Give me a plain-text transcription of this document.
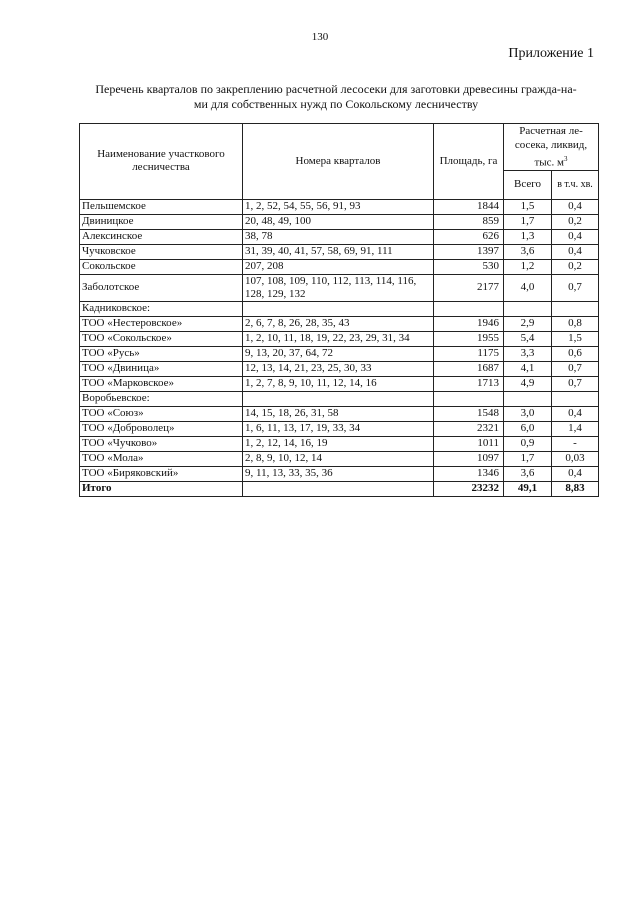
130
Приложение 1
Перечень кварталов по закреплению расчетной лесосеки для заготовки древесины гражда-на-
ми для собственных нужд по Сокольскому лесничеству
Наименование участкового лесничества	Номера кварталов	Площадь, га	Расчетная ле-сосека, ликвид, тыс. $м^3$
			Всего	в т.ч. хв.
Пельшемское	1, 2, 52, 54, 55, 56, 91, 93	1844	1,5	0,4
Двиницкое	20, 48, 49, 100	859	1,7	0,2
Алексинское	38, 78	626	1,3	0,4
Чучковское	31, 39, 40, 41, 57, 58, 69, 91, 111	1397	3,6	0,4
Сокольское	207, 208	530	1,2	0,2
Заболотское	107, 108, 109, 110, 112, 113, 114, 116, 128, 129, 132	2177	4,0	0,7
Кадниковское:				
ТОО «Нестеровское»	2, 6, 7, 8, 26, 28, 35, 43	1946	2,9	0,8
ТОО «Сокольское»	1, 2, 10, 11, 18, 19, 22, 23, 29, 31, 34	1955	5,4	1,5
ТОО «Русь»	9, 13, 20, 37, 64, 72	1175	3,3	0,6
ТОО «Двиница»	12, 13, 14, 21, 23, 25, 30, 33	1687	4,1	0,7
ТОО «Марковское»	1, 2, 7, 8, 9, 10, 11, 12, 14, 16	1713	4,9	0,7
Воробьевское:				
ТОО «Союз»	14, 15, 18, 26, 31, 58	1548	3,0	0,4
ТОО «Доброволец»	1, 6, 11, 13, 17, 19, 33, 34	2321	6,0	1,4
ТОО «Чучково»	1, 2, 12, 14, 16, 19	1011	0,9	-
ТОО «Мола»	2, 8, 9, 10, 12, 14	1097	1,7	0,03
ТОО «Биряковский»	9, 11, 13, 33, 35, 36	1346	3,6	0,4
Итого		23232	49,1	8,83
